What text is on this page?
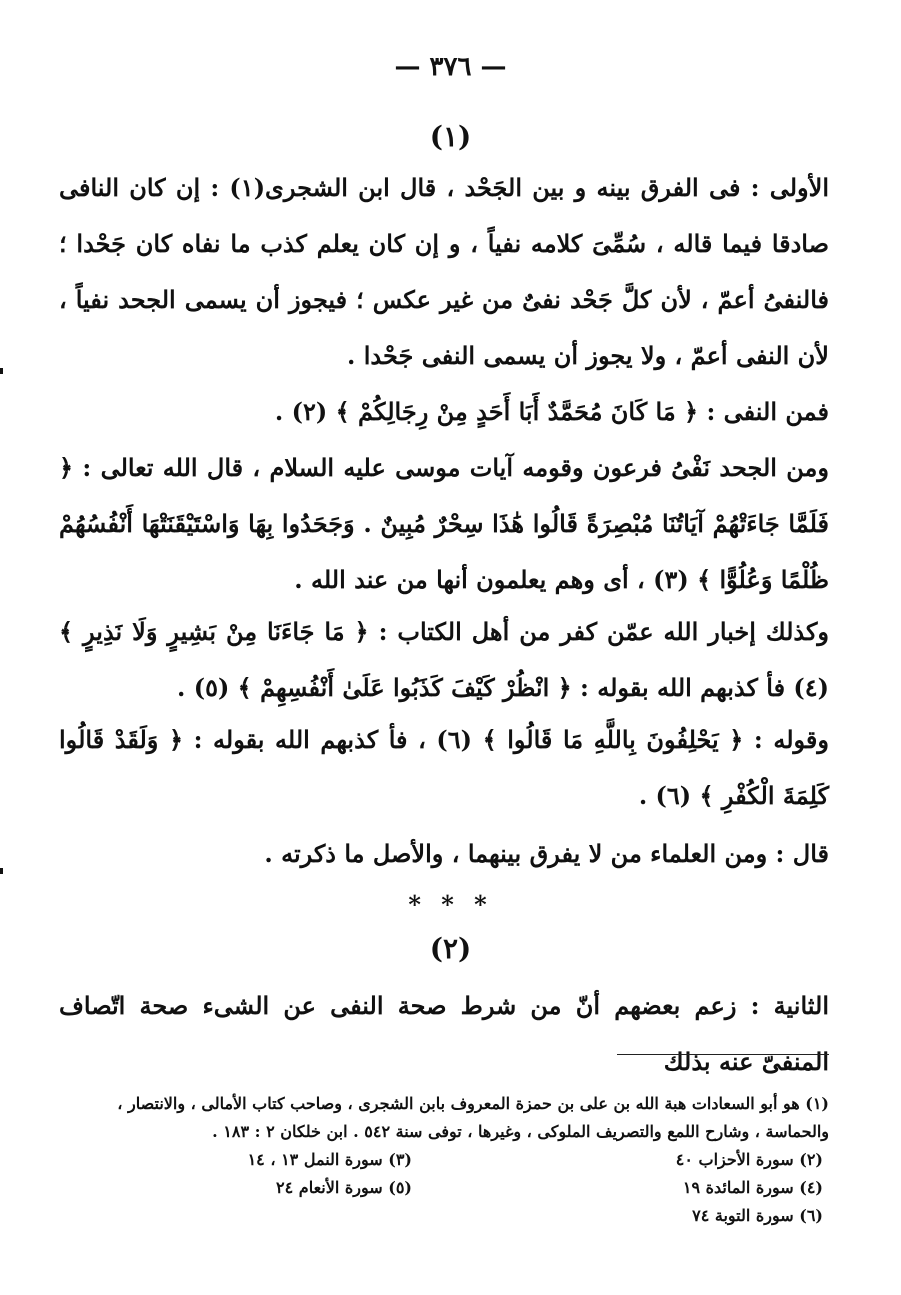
— ٣٧٦ —
(١)
الأولى : فى الفرق بينه و بين الجَحْد ، قال ابن الشجرى(١) : إن كان النافى صادقا فيما قاله ، سُمِّىَ كلامه نفياً ، و إن كان يعلم كذب ما نفاه كان جَحْدا ؛ فالنفىُ أعمّ ، لأن كلَّ جَحْد نفىٌ من غير عكس ؛ فيجوز أن يسمى الجحد نفياً ، لأن النفى أعمّ ، ولا يجوز أن يسمى النفى جَحْدا .
فمن النفى : ﴿ مَا كَانَ مُحَمَّدٌ أَبَا أَحَدٍ مِنْ رِجَالِكُمْ ﴾ (٢) .
ومن الجحد نَفْىُ فرعون وقومه آيات موسى عليه السلام ، قال الله تعالى : ﴿ فَلَمَّا جَاءَتْهُمْ آيَاتُنَا مُبْصِرَةً قَالُوا هَٰذَا سِحْرٌ مُبِينٌ . وَجَحَدُوا بِهَا وَاسْتَيْقَنَتْهَا أَنْفُسُهُمْ ظُلْمًا وَعُلُوًّا ﴾ (٣) ، أى وهم يعلمون أنها من عند الله .
وكذلك إخبار الله عمّن كفر من أهل الكتاب : ﴿ مَا جَاءَنَا مِنْ بَشِيرٍ وَلَا نَذِيرٍ ﴾ (٤) فأ كذبهم الله بقوله : ﴿ انْظُرْ كَيْفَ كَذَبُوا عَلَىٰ أَنْفُسِهِمْ ﴾ (٥) .
وقوله : ﴿ يَحْلِفُونَ بِاللَّهِ مَا قَالُوا ﴾ (٦) ، فأ كذبهم الله بقوله : ﴿ وَلَقَدْ قَالُوا كَلِمَةَ الْكُفْرِ ﴾ (٦) .
قال : ومن العلماء من لا يفرق بينهما ، والأصل ما ذكرته .
* * *
(٢)
الثانية : زعم بعضهم أنّ من شرط صحة النفى عن الشىء صحة اتّصاف المنفىّ عنه بذلك
(١) هو أبو السعادات هبة الله بن على بن حمزة المعروف بابن الشجرى ، وصاحب كتاب الأمالى ، والانتصار ، والحماسة ، وشارح اللمع والتصريف الملوكى ، وغيرها ، توفى سنة ٥٤٢ . ابن خلكان ٢ : ١٨٣ .
(٢) سورة الأحزاب ٤٠
(٣) سورة النمل ١٣ ، ١٤
(٤) سورة المائدة ١٩
(٥) سورة الأنعام ٢٤
(٦) سورة التوبة ٧٤
